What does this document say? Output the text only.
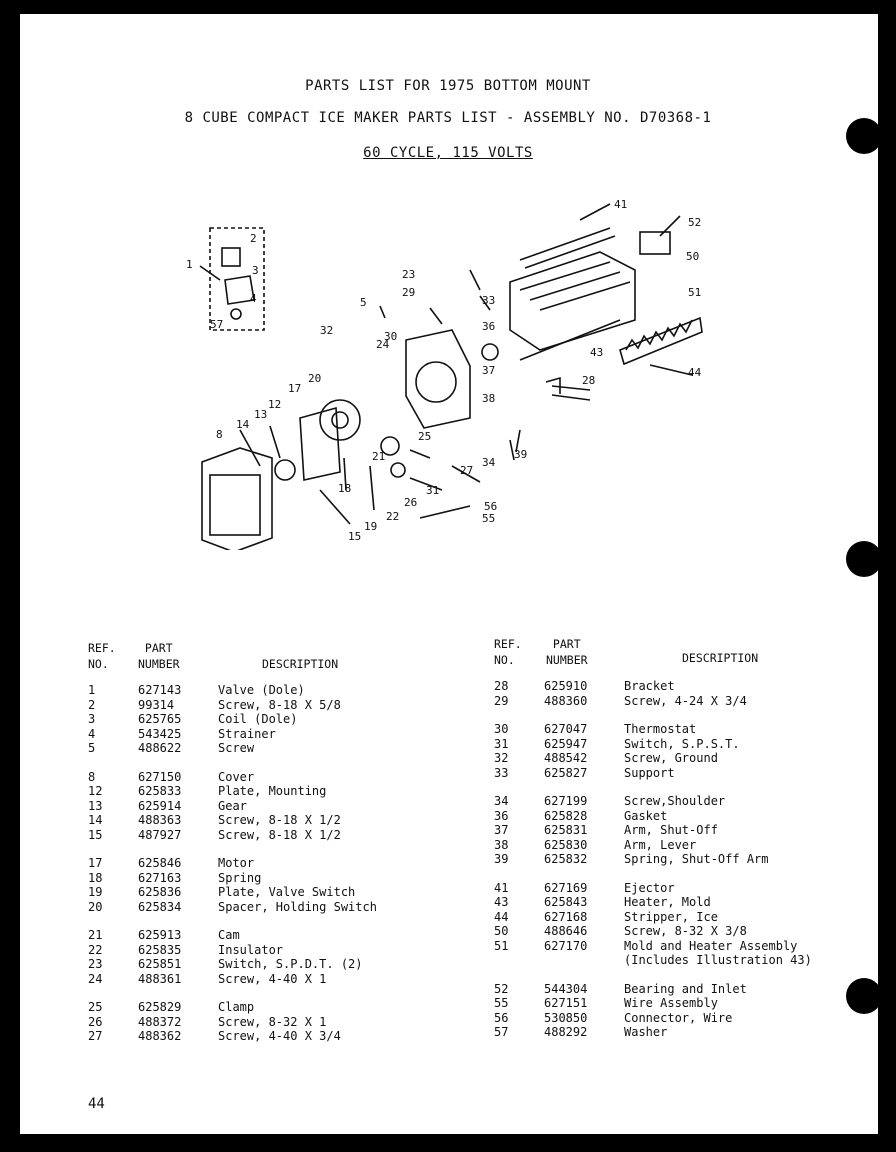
PARTS LIST FOR 1975 BOTTOM MOUNT
8 CUBE COMPACT ICE MAKER PARTS LIST - ASSEMBLY NO. D70368-1
60 CYCLE, 115 VOLTS
1
2
3
4
57
5
8
12
13
14
15
17
18
19
20
21
22
23
24
25
26
27
28
29
30
31
32
33
34
36
37
38
39
41
43
44
50
51
52
55
56
REF.
NO.
PART
NUMBER	DESCRIPTION
1	627143	Valve (Dole)
2	99314	Screw, 8-18 X 5/8
3	625765	Coil (Dole)
4	543425	Strainer
5	488622	Screw
8	627150	Cover
12	625833	Plate, Mounting
13	625914	Gear
14	488363	Screw, 8-18 X 1/2
15	487927	Screw, 8-18 X 1/2
17	625846	Motor
18	627163	Spring
19	625836	Plate, Valve Switch
20	625834	Spacer, Holding Switch
21	625913	Cam
22	625835	Insulator
23	625851	Switch, S.P.D.T. (2)
24	488361	Screw, 4-40 X 1
25	625829	Clamp
26	488372	Screw, 8-32 X 1
27	488362	Screw, 4-40 X 3/4
REF.
NO.
PART
NUMBER	DESCRIPTION
28	625910	Bracket
29	488360	Screw, 4-24 X 3/4
30	627047	Thermostat
31	625947	Switch, S.P.S.T.
32	488542	Screw, Ground
33	625827	Support
34	627199	Screw,Shoulder
36	625828	Gasket
37	625831	Arm, Shut-Off
38	625830	Arm, Lever
39	625832	Spring, Shut-Off Arm
41	627169	Ejector
43	625843	Heater, Mold
44	627168	Stripper, Ice
50	488646	Screw, 8-32 X 3/8
51	627170	Mold and Heater Assembly
(Includes Illustration 43)
52	544304	Bearing and Inlet
55	627151	Wire Assembly
56	530850	Connector, Wire
57	488292	Washer
44
